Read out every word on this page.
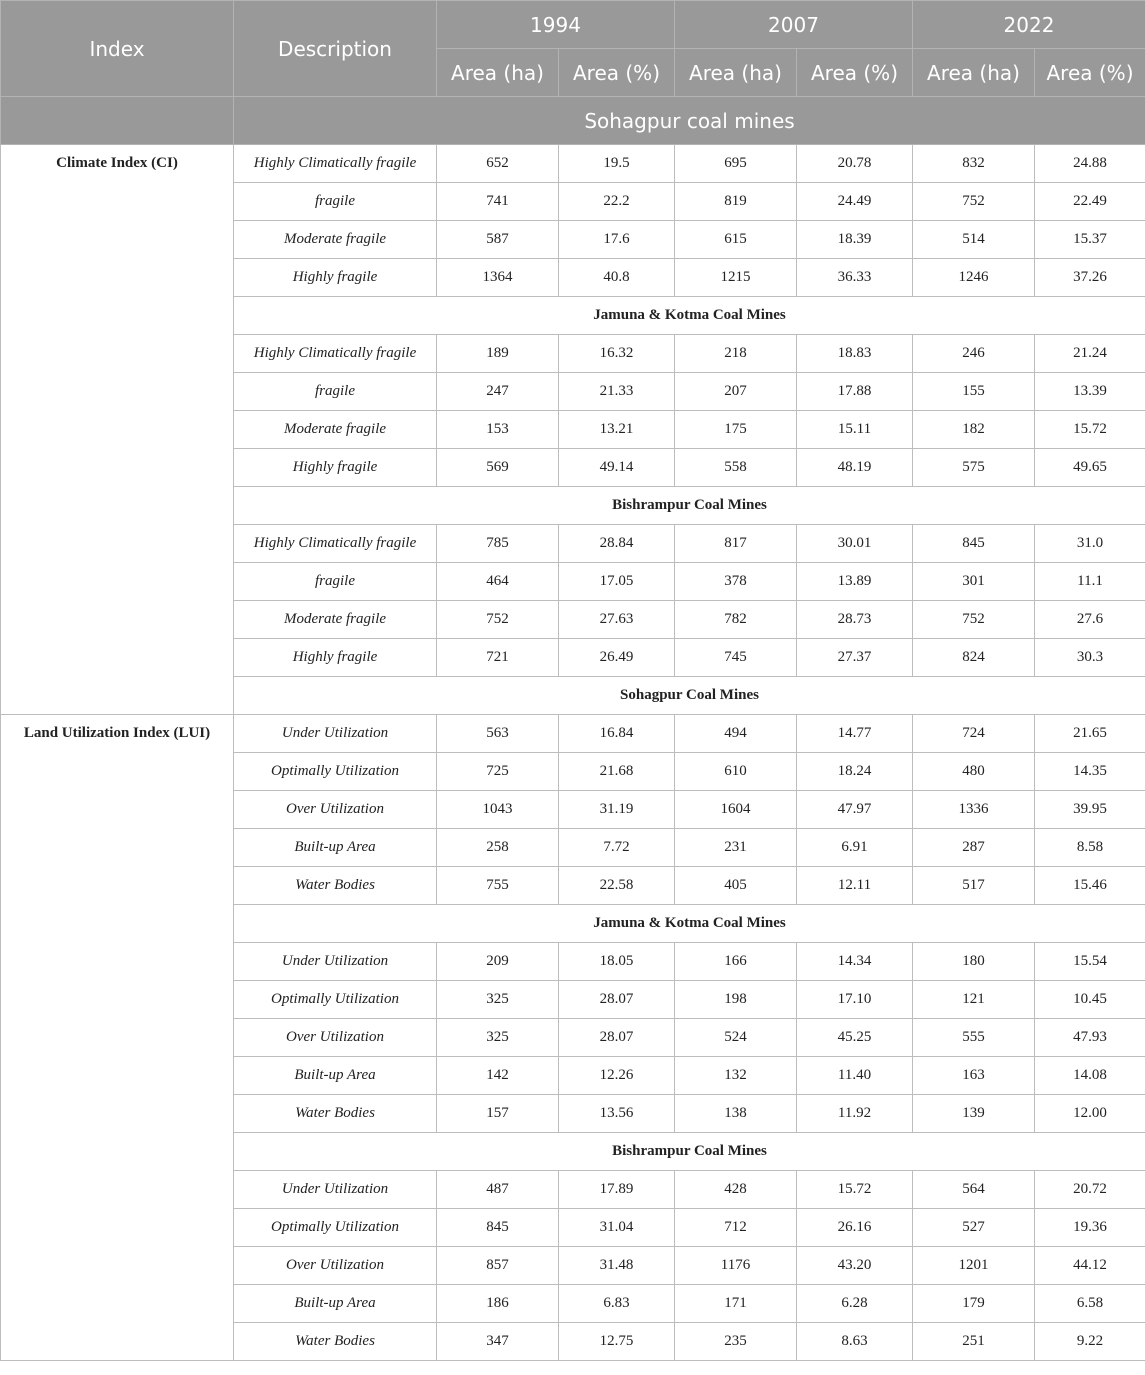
Index	Description	1994		2007		2022	
		Area (ha)	Area (%)	Area (ha)	Area (%)	Area (ha)	Area (%)
	Sohagpur coal mines						
Climate Index (CI)	Highly Climatically fragile	652	19.5	695	20.78	832	24.88
	fragile	741	22.2	819	24.49	752	22.49
	Moderate fragile	587	17.6	615	18.39	514	15.37
	Highly fragile	1364	40.8	1215	36.33	1246	37.26
	Jamuna & Kotma Coal Mines						
	Highly Climatically fragile	189	16.32	218	18.83	246	21.24
	fragile	247	21.33	207	17.88	155	13.39
	Moderate fragile	153	13.21	175	15.11	182	15.72
	Highly fragile	569	49.14	558	48.19	575	49.65
	Bishrampur Coal Mines						
	Highly Climatically fragile	785	28.84	817	30.01	845	31.0
	fragile	464	17.05	378	13.89	301	11.1
	Moderate fragile	752	27.63	782	28.73	752	27.6
	Highly fragile	721	26.49	745	27.37	824	30.3
	Sohagpur Coal Mines						
Land Utilization Index (LUI)	Under Utilization	563	16.84	494	14.77	724	21.65
	Optimally Utilization	725	21.68	610	18.24	480	14.35
	Over Utilization	1043	31.19	1604	47.97	1336	39.95
	Built-up Area	258	7.72	231	6.91	287	8.58
	Water Bodies	755	22.58	405	12.11	517	15.46
	Jamuna & Kotma Coal Mines						
	Under Utilization	209	18.05	166	14.34	180	15.54
	Optimally Utilization	325	28.07	198	17.10	121	10.45
	Over Utilization	325	28.07	524	45.25	555	47.93
	Built-up Area	142	12.26	132	11.40	163	14.08
	Water Bodies	157	13.56	138	11.92	139	12.00
	Bishrampur Coal Mines						
	Under Utilization	487	17.89	428	15.72	564	20.72
	Optimally Utilization	845	31.04	712	26.16	527	19.36
	Over Utilization	857	31.48	1176	43.20	1201	44.12
	Built-up Area	186	6.83	171	6.28	179	6.58
	Water Bodies	347	12.75	235	8.63	251	9.22
